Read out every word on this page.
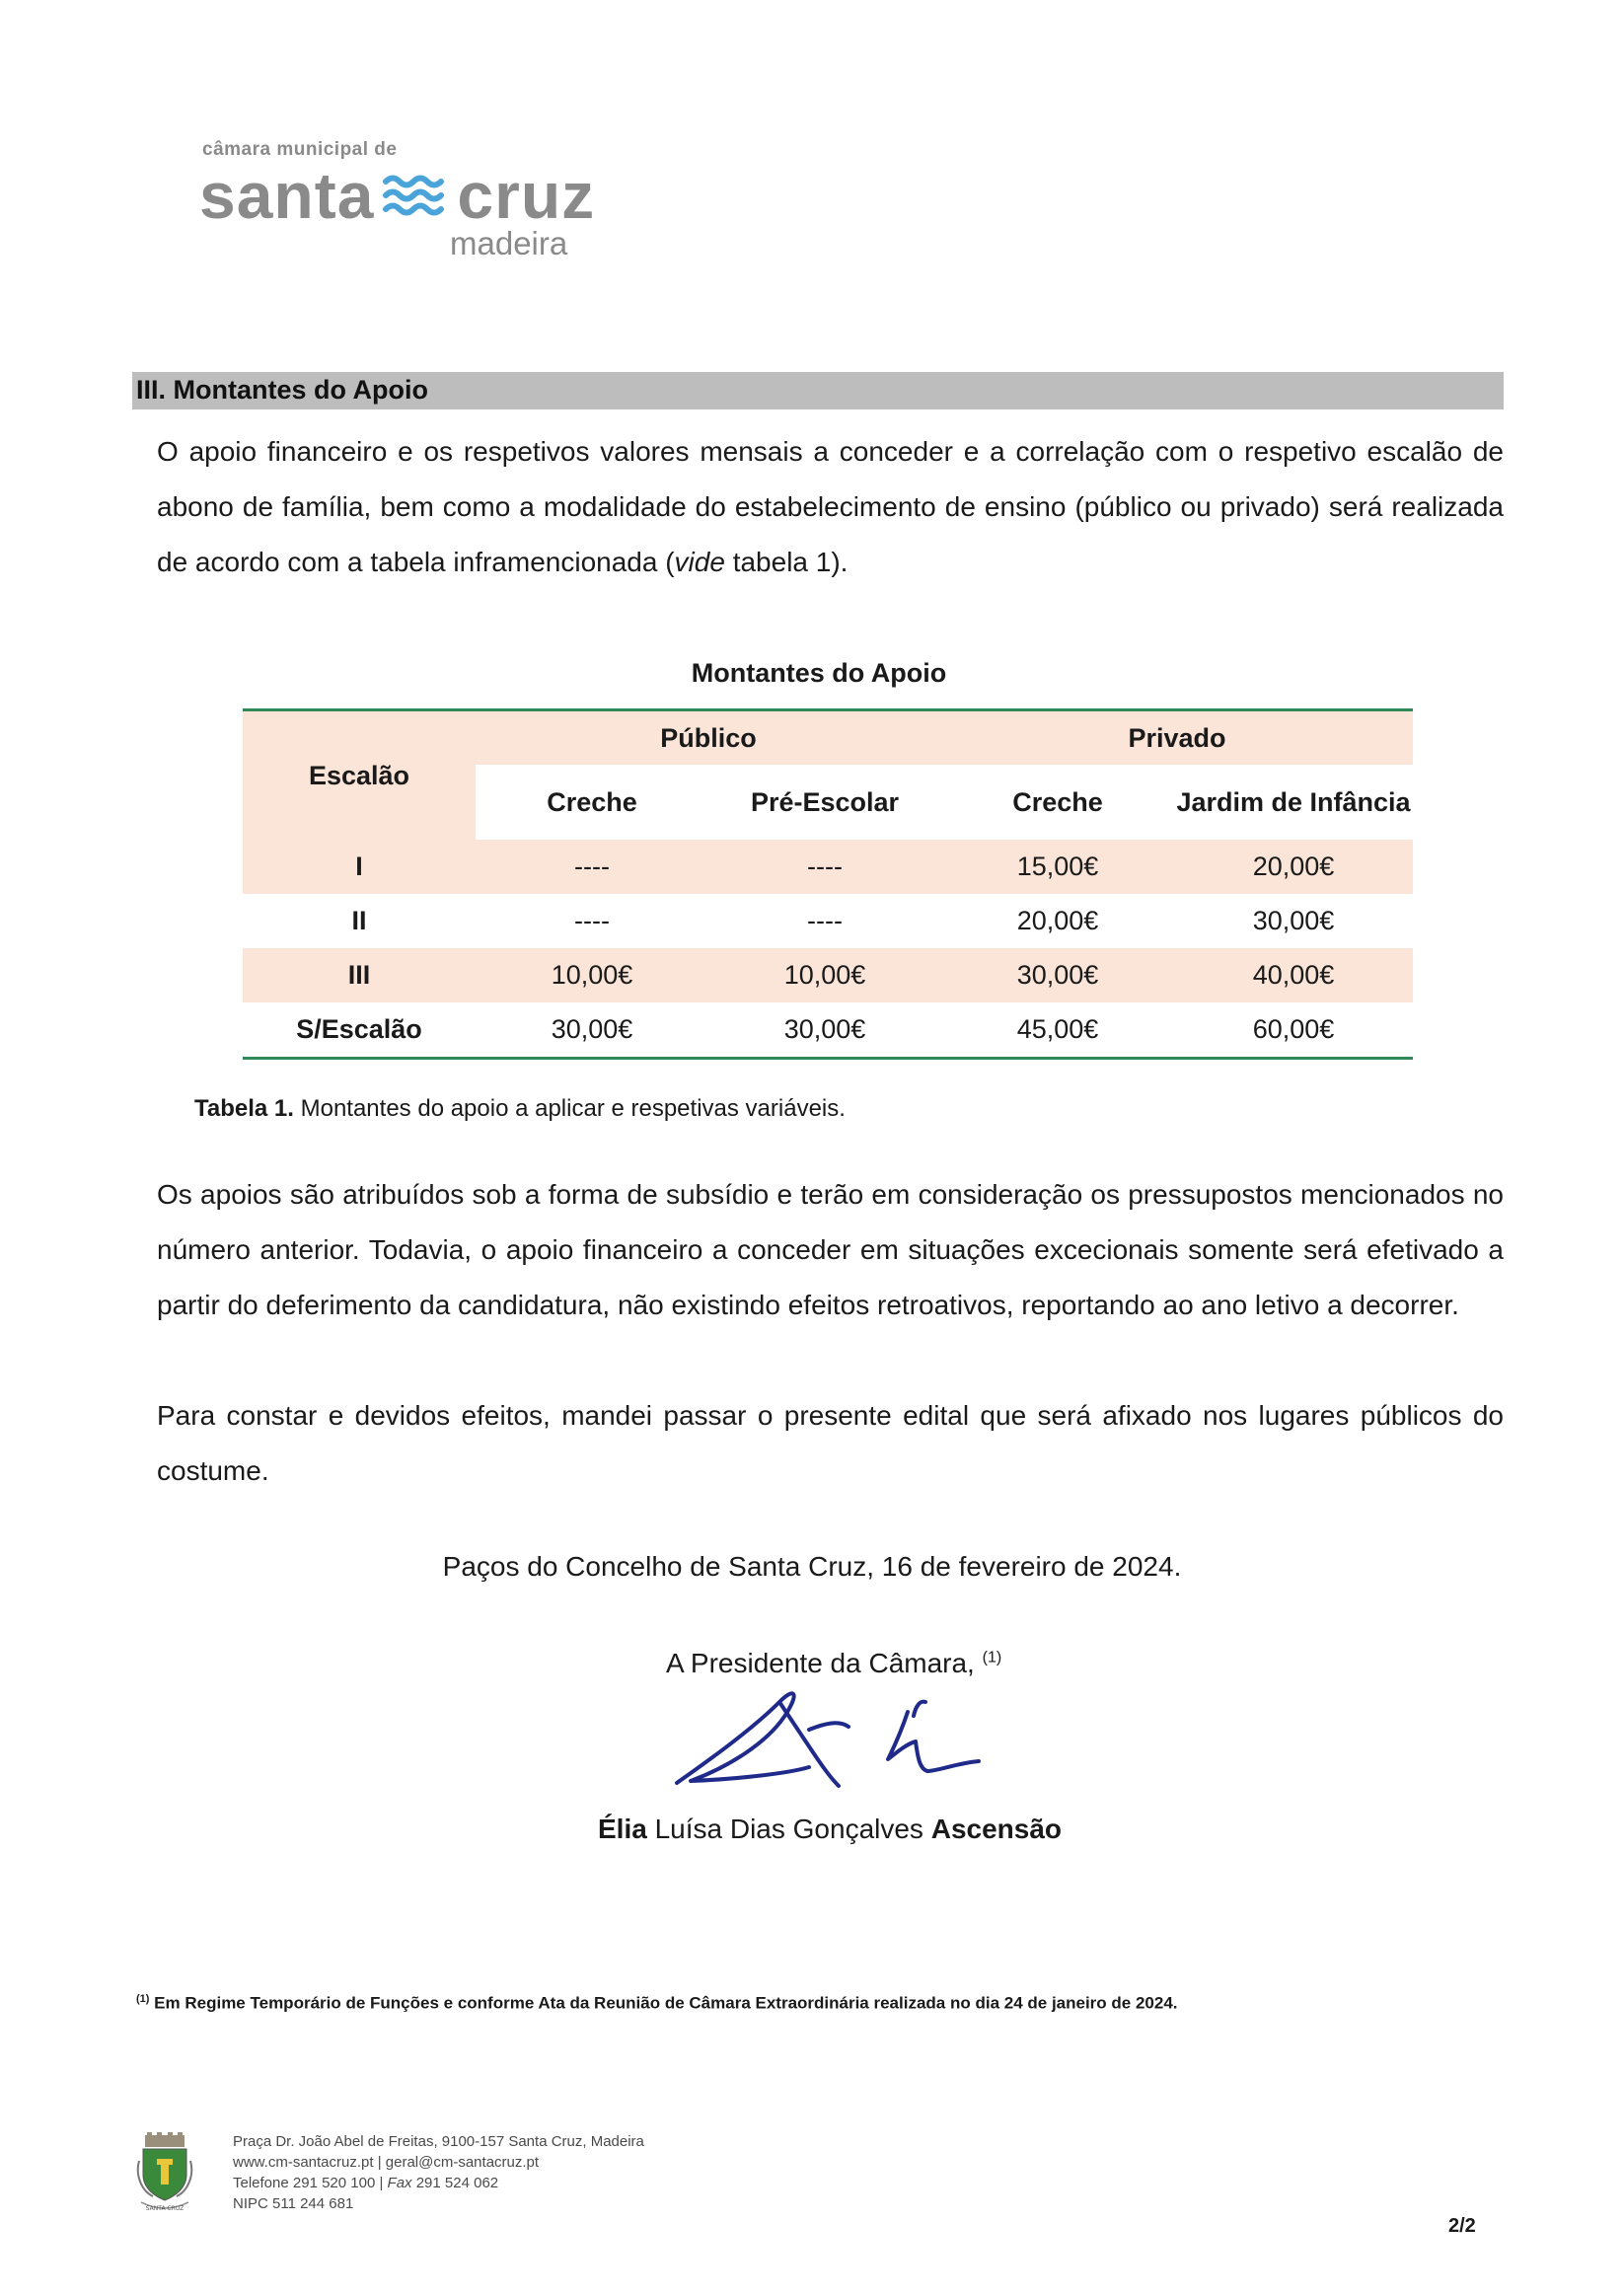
câmara municipal de
santa cruz
madeira
III. Montantes do Apoio
O apoio financeiro e os respetivos valores mensais a conceder e a correlação com o respetivo escalão de abono de família, bem como a modalidade do estabelecimento de ensino (público ou privado) será realizada de acordo com a tabela inframencionada (vide tabela 1).
Montantes do Apoio
Escalão	Público		Privado	
	Creche	Pré-Escolar	Creche	Jardim de Infância
I	----	----	15,00€	20,00€
II	----	----	20,00€	30,00€
III	10,00€	10,00€	30,00€	40,00€
S/Escalão	30,00€	30,00€	45,00€	60,00€
Tabela 1. Montantes do apoio a aplicar e respetivas variáveis.
Os apoios são atribuídos sob a forma de subsídio e terão em consideração os pressupostos mencionados no número anterior. Todavia, o apoio financeiro a conceder em situações excecionais somente será efetivado a partir do deferimento da candidatura, não existindo efeitos retroativos, reportando ao ano letivo a decorrer.
Para constar e devidos efeitos, mandei passar o presente edital que será afixado nos lugares públicos do costume.
Paços do Concelho de Santa Cruz, 16 de fevereiro de 2024.
A Presidente da Câmara, $^{(1)}$
Élia Luísa Dias Gonçalves Ascensão
$^{(1)}$ Em Regime Temporário de Funções e conforme Ata da Reunião de Câmara Extraordinária realizada no dia 24 de janeiro de 2024.
SANTA CRUZ
Praça Dr. João Abel de Freitas, 9100-157 Santa Cruz, Madeira
www.cm-santacruz.pt | geral@cm-santacruz.pt
Telefone 291 520 100 | Fax 291 524 062
NIPC 511 244 681
2/2
